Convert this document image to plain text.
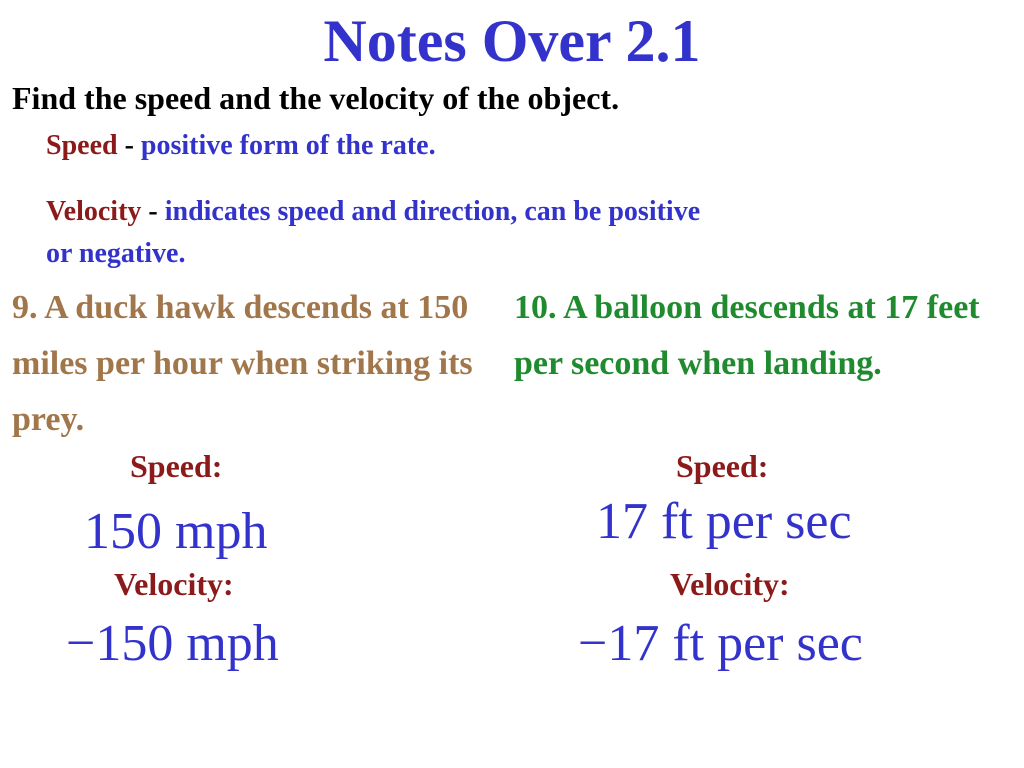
Notes Over 2.1
Find the speed and the velocity of the object.
Speed - positive form of the rate.
Velocity - indicates speed and direction, can be positive
or negative.
9. A duck hawk descends at 150 miles per hour when striking its prey.
10. A balloon descends at 17 feet per second when landing.
Speed:
150 mph
Velocity:
−150 mph
Speed:
17 ft per sec
Velocity:
−17 ft per sec
